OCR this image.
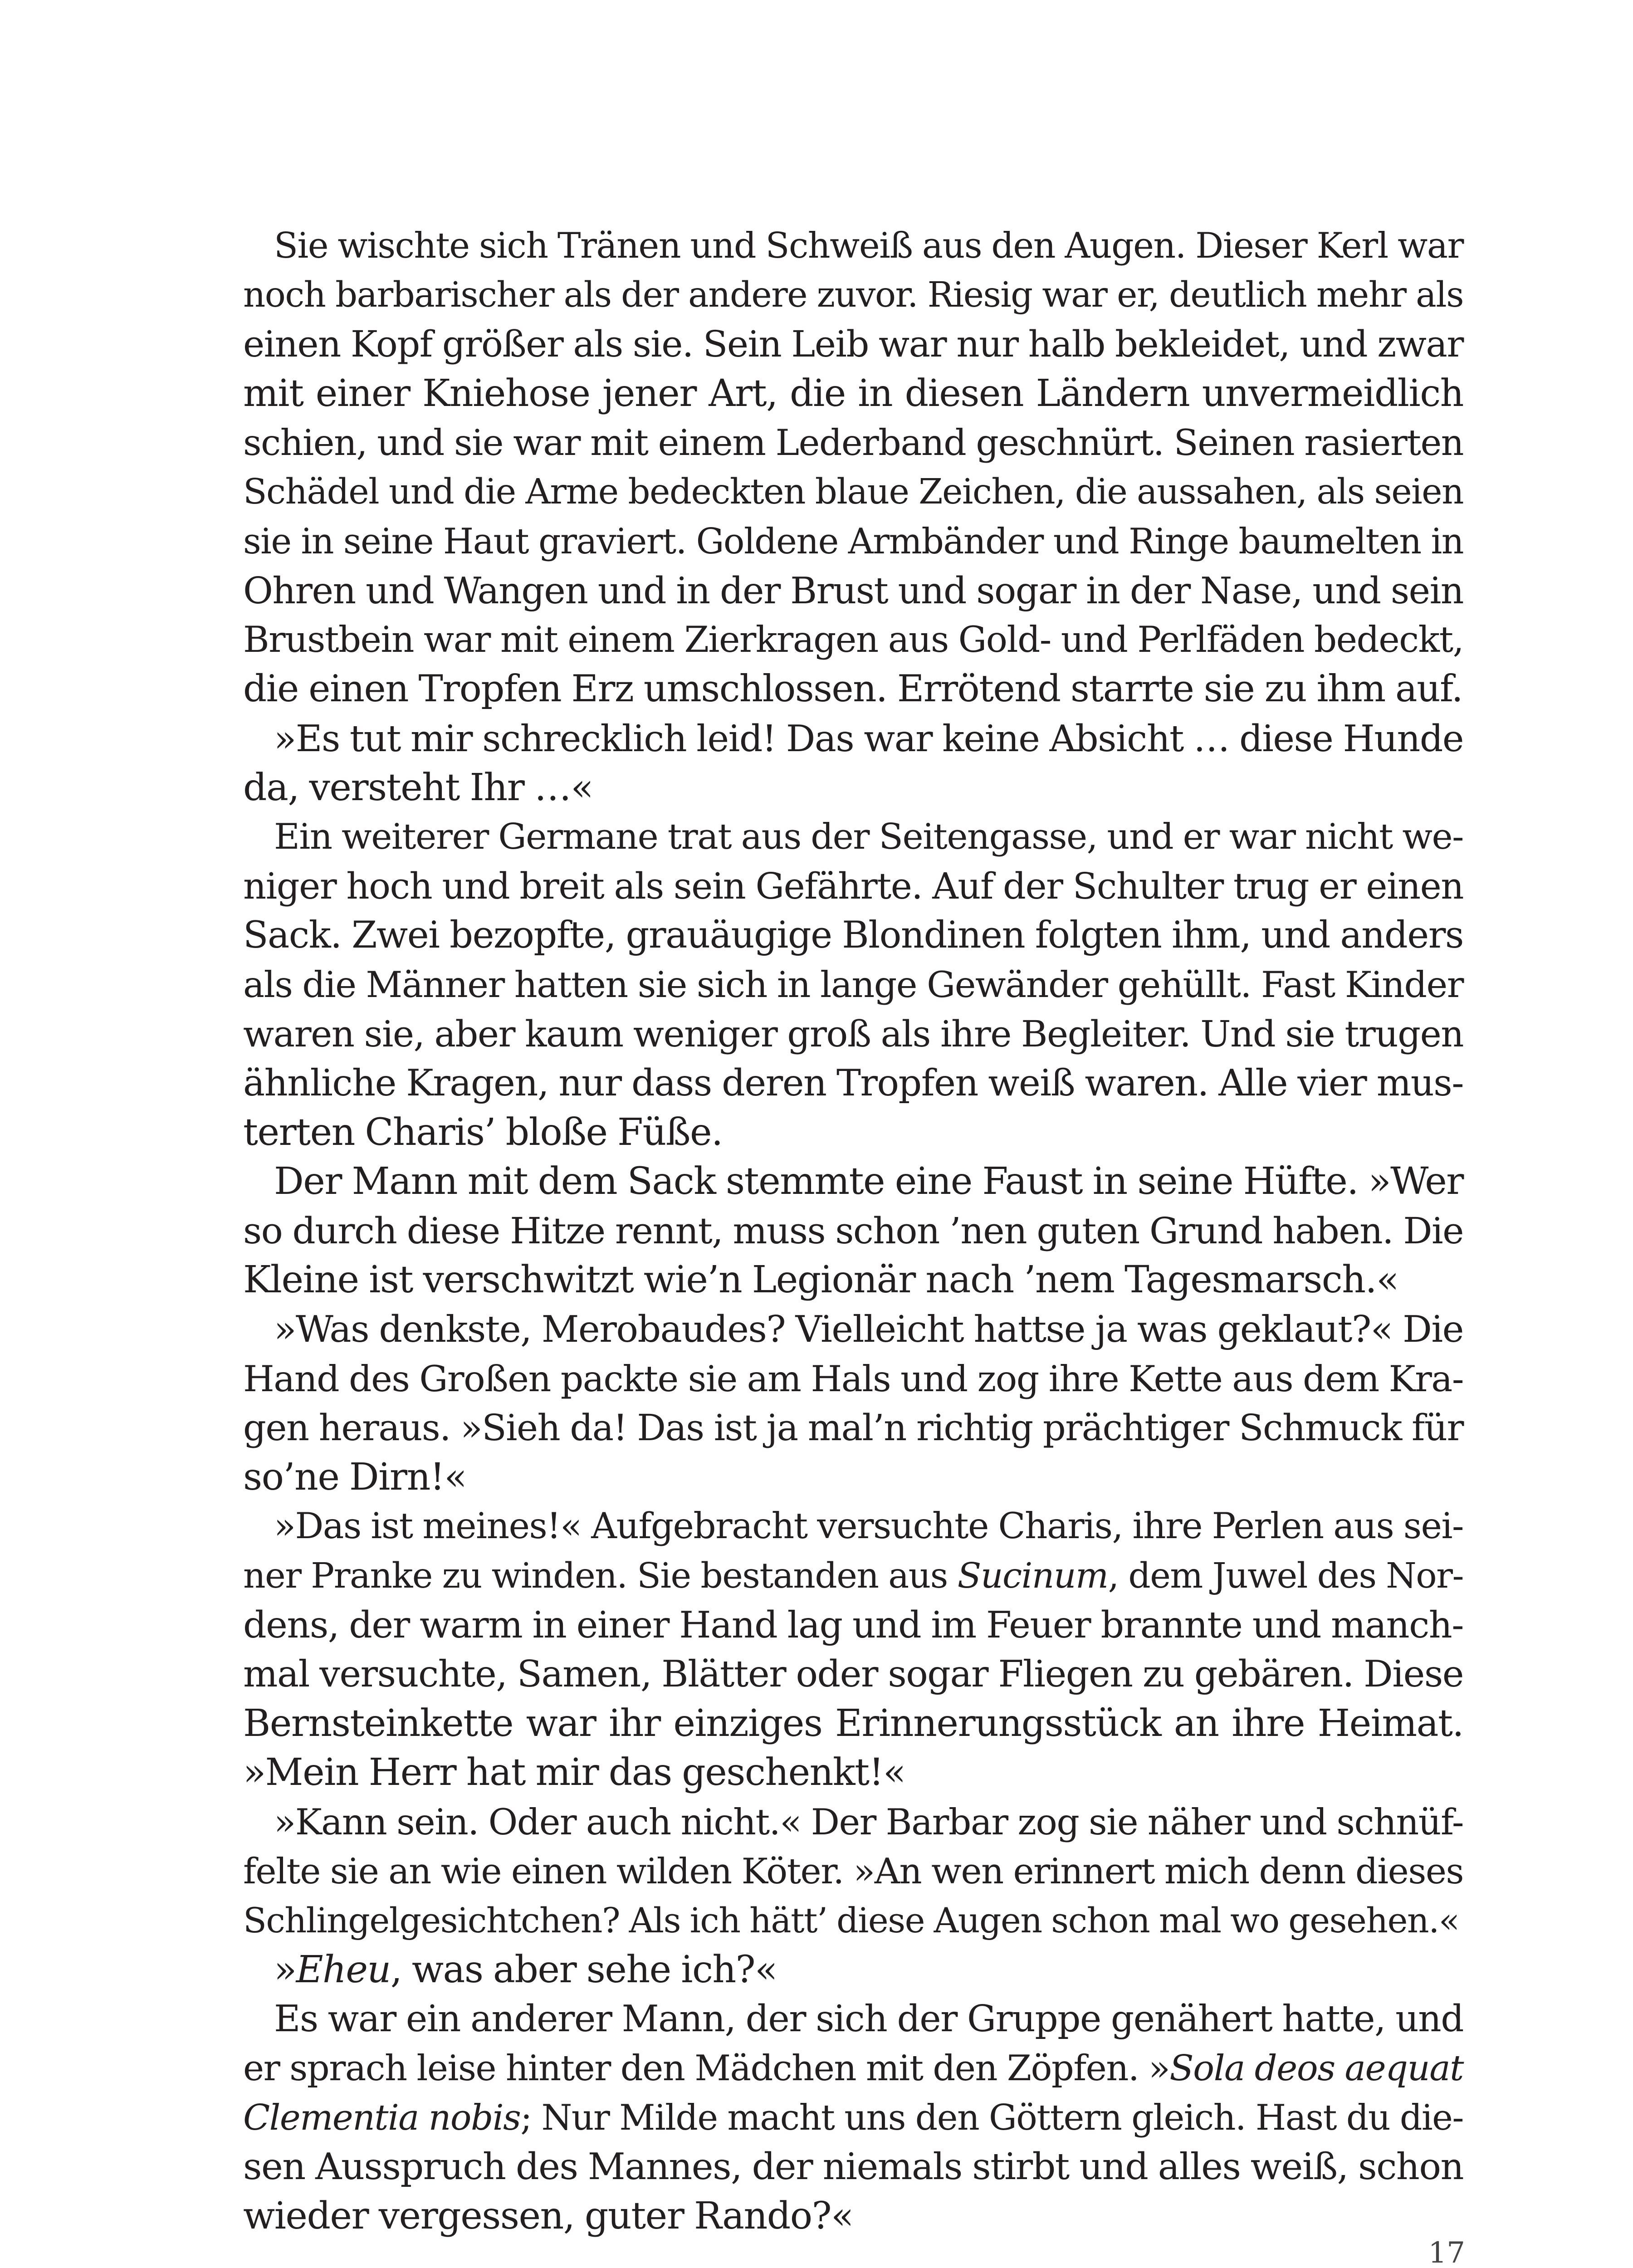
Sie wischte sich Tränen und Schweiß aus den Augen. Dieser Kerl war
noch barbarischer als der andere zuvor. Riesig war er, deutlich mehr als
einen Kopf größer als sie. Sein Leib war nur halb bekleidet, und zwar
mit einer Kniehose jener Art, die in diesen Ländern unvermeidlich
schien, und sie war mit einem Lederband geschnürt. Seinen rasierten
Schädel und die Arme bedeckten blaue Zeichen, die aussahen, als seien
sie in seine Haut graviert. Goldene Armbänder und Ringe baumelten in
Ohren und Wangen und in der Brust und sogar in der Nase, und sein
Brustbein war mit einem Zierkragen aus Gold- und Perlfäden bedeckt,
die einen Tropfen Erz umschlossen. Errötend starrte sie zu ihm auf.
»Es tut mir schrecklich leid! Das war keine Absicht … diese Hunde
da, versteht Ihr …«
Ein weiterer Germane trat aus der Seitengasse, und er war nicht we-
niger hoch und breit als sein Gefährte. Auf der Schulter trug er einen
Sack. Zwei bezopfte, grauäugige Blondinen folgten ihm, und anders
als die Männer hatten sie sich in lange Gewänder gehüllt. Fast Kinder
waren sie, aber kaum weniger groß als ihre Begleiter. Und sie trugen
ähnliche Kragen, nur dass deren Tropfen weiß waren. Alle vier mus-
terten Charis’ bloße Füße.
Der Mann mit dem Sack stemmte eine Faust in seine Hüfte. »Wer
so durch diese Hitze rennt, muss schon ’nen guten Grund haben. Die
Kleine ist verschwitzt wie’n Legionär nach ’nem Tagesmarsch.«
»Was denkste, Merobaudes? Vielleicht hattse ja was geklaut?« Die
Hand des Großen packte sie am Hals und zog ihre Kette aus dem Kra-
gen heraus. »Sieh da! Das ist ja mal’n richtig prächtiger Schmuck für
so’ne Dirn!«
»Das ist meines!« Aufgebracht versuchte Charis, ihre Perlen aus sei-
ner Pranke zu winden. Sie bestanden aus Sucinum, dem Juwel des Nor-
dens, der warm in einer Hand lag und im Feuer brannte und manch-
mal versuchte, Samen, Blätter oder sogar Fliegen zu gebären. Diese
Bernsteinkette war ihr einziges Erinnerungsstück an ihre Heimat.
»Mein Herr hat mir das geschenkt!«
»Kann sein. Oder auch nicht.« Der Barbar zog sie näher und schnüf-
felte sie an wie einen wilden Köter. »An wen erinnert mich denn dieses
Schlingelgesichtchen? Als ich hätt’ diese Augen schon mal wo gesehen.«
»Eheu, was aber sehe ich?«
Es war ein anderer Mann, der sich der Gruppe genähert hatte, und
er sprach leise hinter den Mädchen mit den Zöpfen. »Sola deos aequat
Clementia nobis; Nur Milde macht uns den Göttern gleich. Hast du die-
sen Ausspruch des Mannes, der niemals stirbt und alles weiß, schon
wieder vergessen, guter Rando?«
17
